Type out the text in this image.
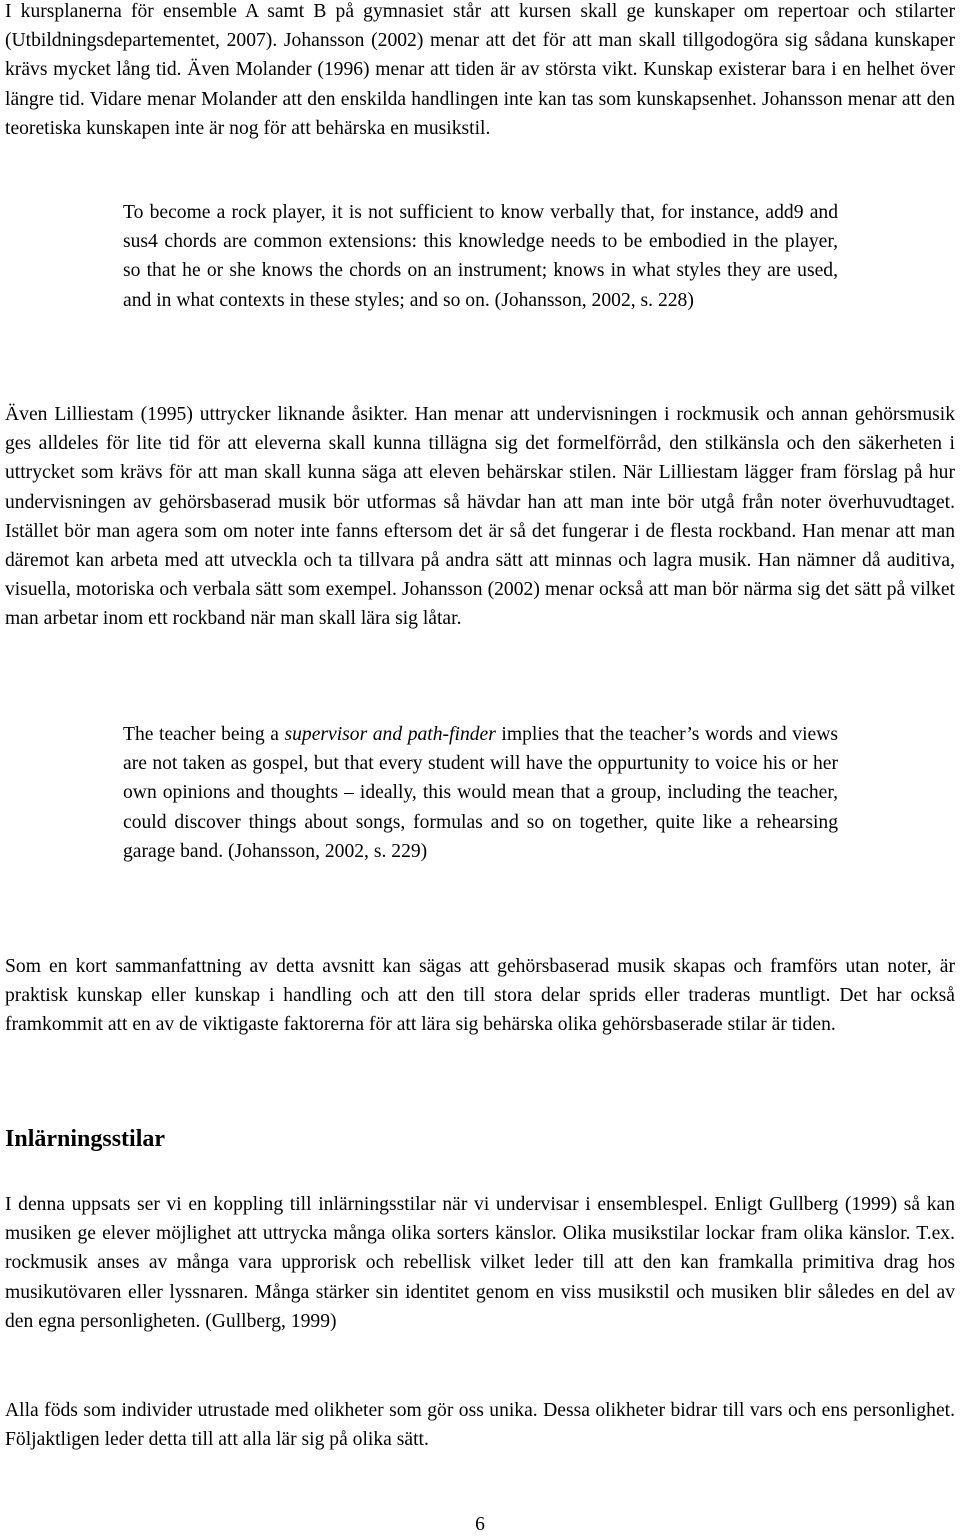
I kursplanerna för ensemble A samt B på gymnasiet står att kursen skall ge kunskaper om repertoar och stilarter (Utbildningsdepartementet, 2007). Johansson (2002) menar att det för att man skall tillgodogöra sig sådana kunskaper krävs mycket lång tid. Även Molander (1996) menar att tiden är av största vikt. Kunskap existerar bara i en helhet över längre tid. Vidare menar Molander att den enskilda handlingen inte kan tas som kunskapsenhet. Johansson menar att den teoretiska kunskapen inte är nog för att behärska en musikstil.

To become a rock player, it is not sufficient to know verbally that, for instance, add9 and sus4 chords are common extensions: this knowledge needs to be embodied in the player, so that he or she knows the chords on an instrument; knows in what styles they are used, and in what contexts in these styles; and so on. (Johansson, 2002, s. 228)

Även Lilliestam (1995) uttrycker liknande åsikter. Han menar att undervisningen i rockmusik och annan gehörsmusik ges alldeles för lite tid för att eleverna skall kunna tillägna sig det formelförråd, den stilkänsla och den säkerheten i uttrycket som krävs för att man skall kunna säga att eleven behärskar stilen. När Lilliestam lägger fram förslag på hur undervisningen av gehörsbaserad musik bör utformas så hävdar han att man inte bör utgå från noter överhuvudtaget. Istället bör man agera som om noter inte fanns eftersom det är så det fungerar i de flesta rockband. Han menar att man däremot kan arbeta med att utveckla och ta tillvara på andra sätt att minnas och lagra musik. Han nämner då auditiva, visuella, motoriska och verbala sätt som exempel. Johansson (2002) menar också att man bör närma sig det sätt på vilket man arbetar inom ett rockband när man skall lära sig låtar.

The teacher being a supervisor and path-finder implies that the teacher’s words and views are not taken as gospel, but that every student will have the oppurtunity to voice his or her own opinions and thoughts – ideally, this would mean that a group, including the teacher, could discover things about songs, formulas and so on together, quite like a rehearsing garage band. (Johansson, 2002, s. 229)

Som en kort sammanfattning av detta avsnitt kan sägas att gehörsbaserad musik skapas och framförs utan noter, är praktisk kunskap eller kunskap i handling och att den till stora delar sprids eller traderas muntligt. Det har också framkommit att en av de viktigaste faktorerna för att lära sig behärska olika gehörsbaserade stilar är tiden.

Inlärningsstilar

I denna uppsats ser vi en koppling till inlärningsstilar när vi undervisar i ensemblespel. Enligt Gullberg (1999) så kan musiken ge elever möjlighet att uttrycka många olika sorters känslor. Olika musikstilar lockar fram olika känslor. T.ex. rockmusik anses av många vara upprorisk och rebellisk vilket leder till att den kan framkalla primitiva drag hos musikutövaren eller lyssnaren. Många stärker sin identitet genom en viss musikstil och musiken blir således en del av den egna personligheten. (Gullberg, 1999)

Alla föds som individer utrustade med olikheter som gör oss unika. Dessa olikheter bidrar till vars och ens personlighet. Följaktligen leder detta till att alla lär sig på olika sätt.

6
